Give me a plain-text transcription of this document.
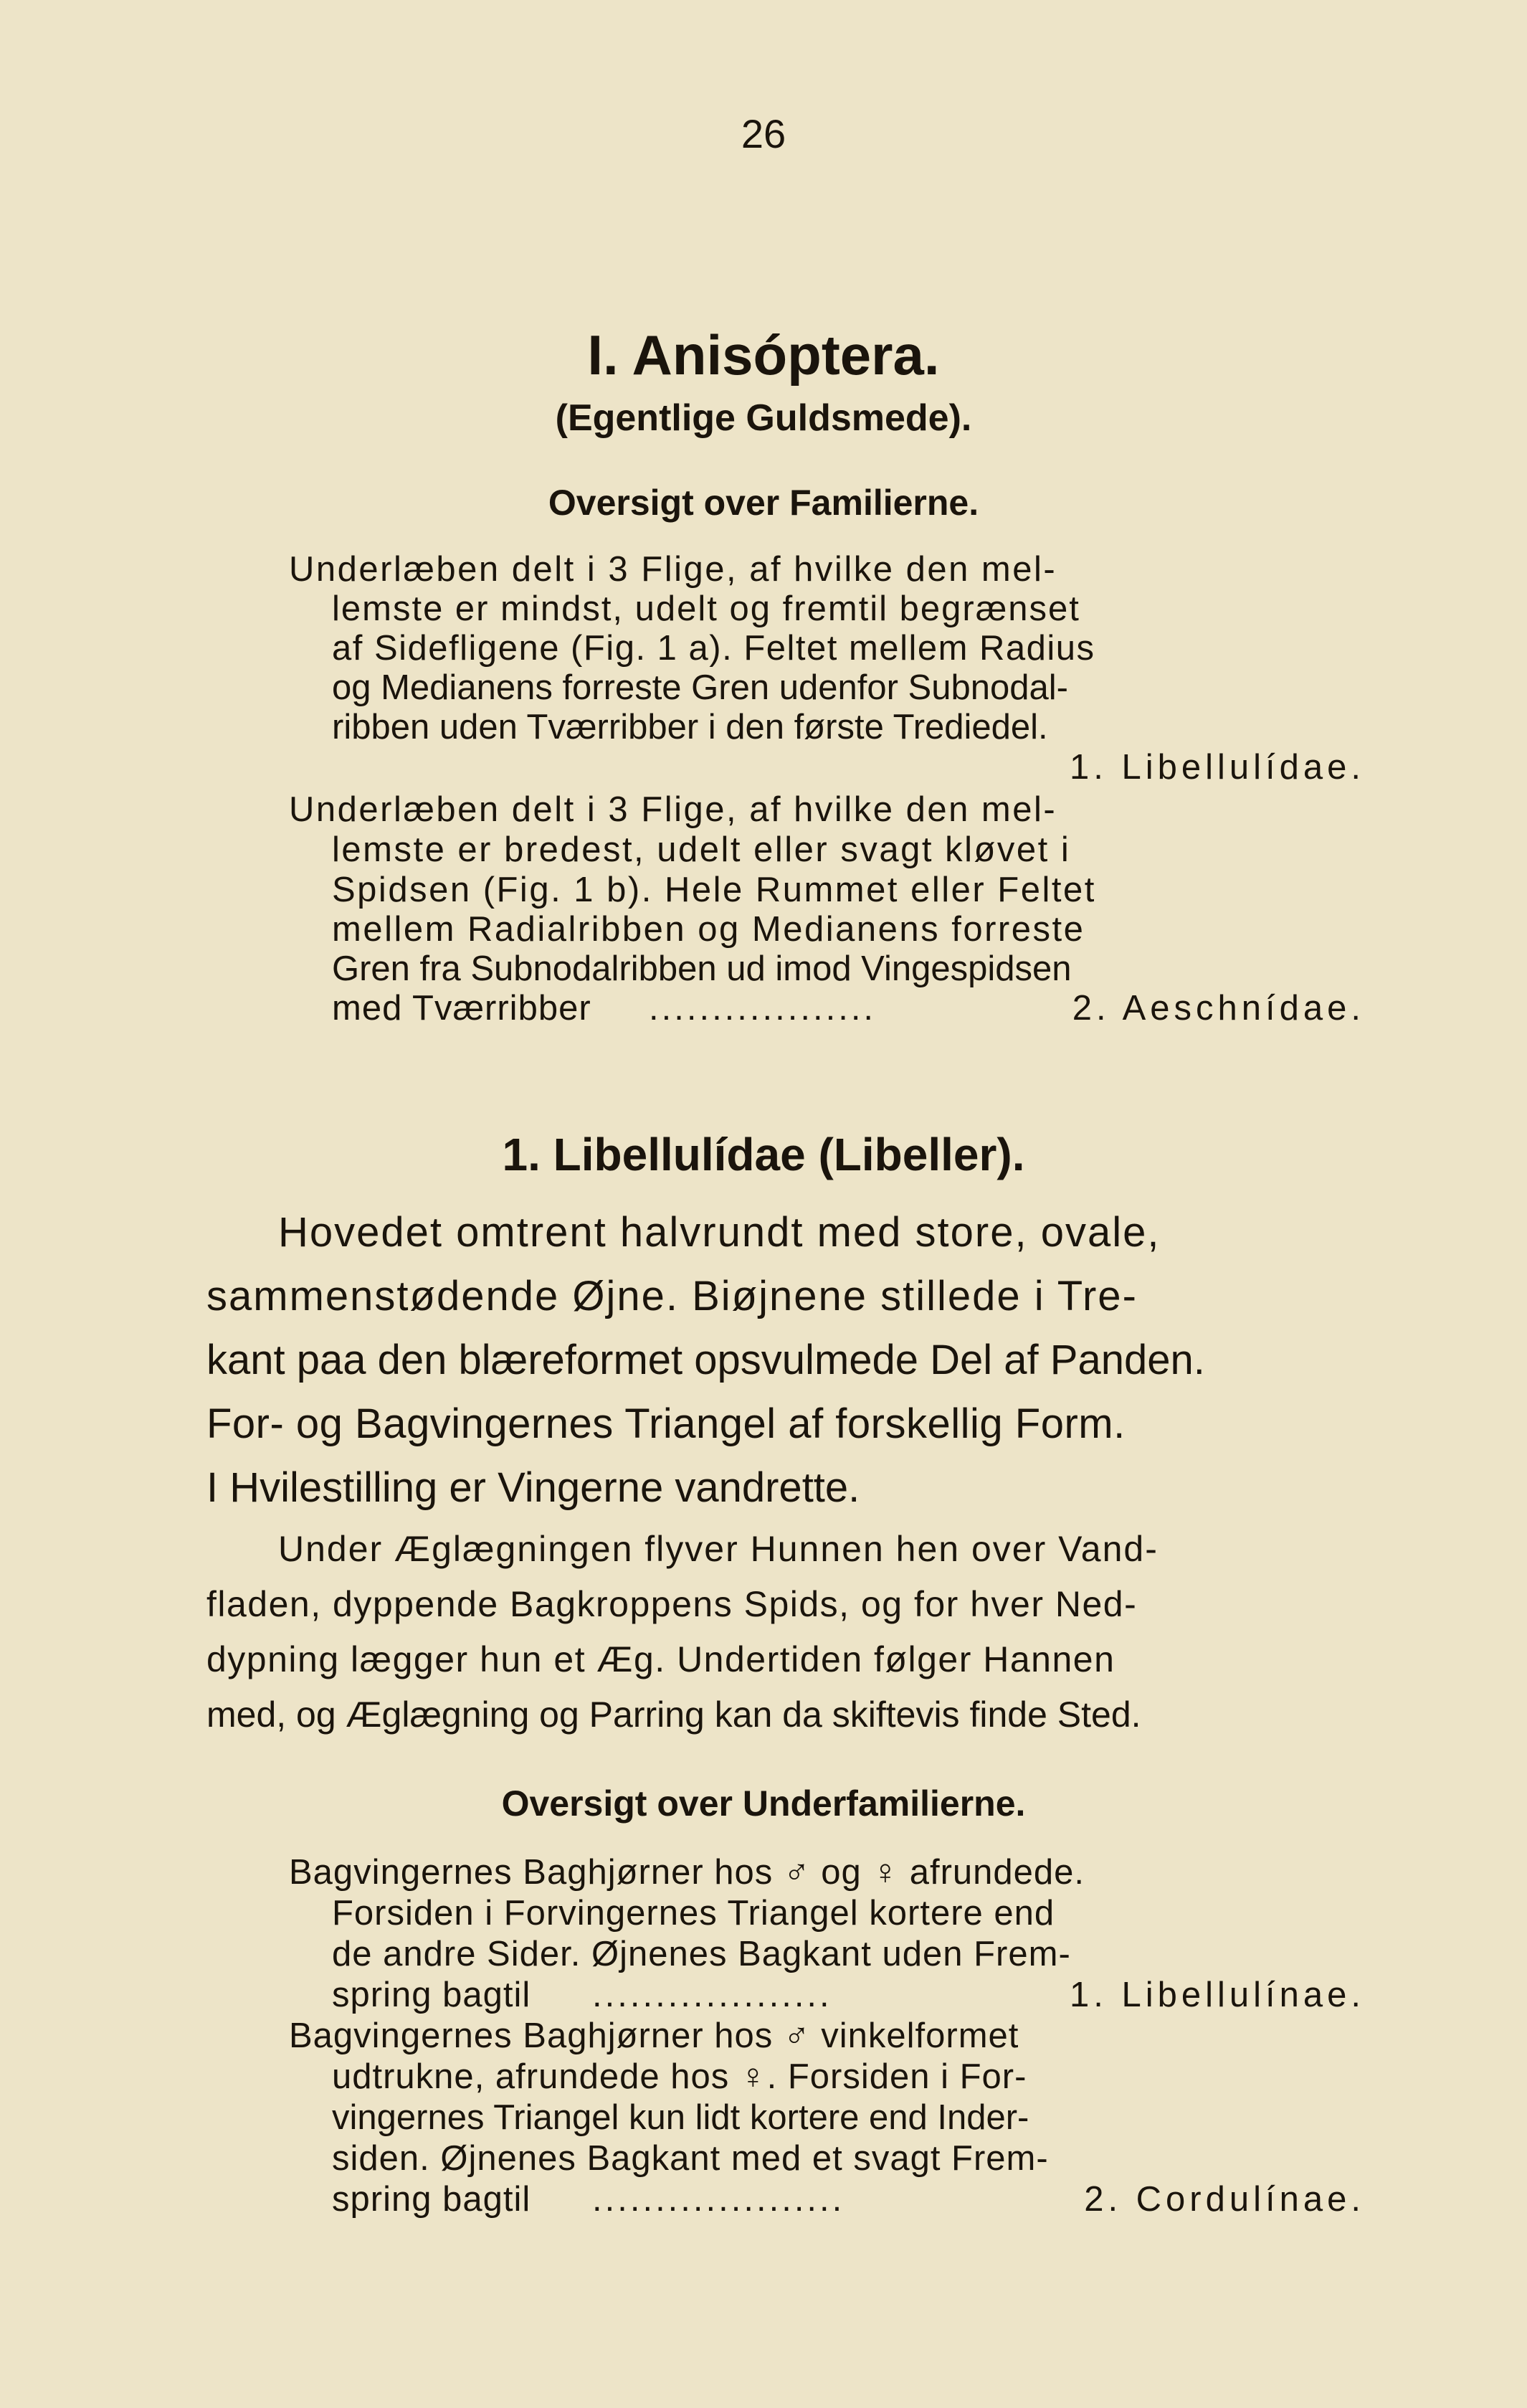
26
I. Anisóptera.
(Egentlige Guldsmede).
Oversigt over Familierne.
Underlæben delt i 3 Flige, af hvilke den mel-
lemste er mindst, udelt og fremtil begrænset
af Sidefligene (Fig. 1 a). Feltet mellem Radius
og Medianens forreste Gren udenfor Subnodal-
ribben uden Tværribber i den første Trediedel.
1. Libellulídae.
Underlæben delt i 3 Flige, af hvilke den mel-
lemste er bredest, udelt eller svagt kløvet i
Spidsen (Fig. 1 b). Hele Rummet eller Feltet
mellem Radialribben og Medianens forreste
Gren fra Subnodalribben ud imod Vingespidsen
med Tværribber ..................	2. Aeschnídae.
1. Libellulídae (Libeller).
Hovedet omtrent halvrundt med store, ovale,
sammenstødende Øjne. Biøjnene stillede i Tre-
kant paa den blæreformet opsvulmede Del af Panden.
For- og Bagvingernes Triangel af forskellig Form.
I Hvilestilling er Vingerne vandrette.
Under Æglægningen flyver Hunnen hen over Vand-
fladen, dyppende Bagkroppens Spids, og for hver Ned-
dypning lægger hun et Æg. Undertiden følger Hannen
med, og Æglægning og Parring kan da skiftevis finde Sted.
Oversigt over Underfamilierne.
Bagvingernes Baghjørner hos ♂ og ♀ afrundede.
Forsiden i Forvingernes Triangel kortere end
de andre Sider. Øjnenes Bagkant uden Frem-
spring bagtil ...................	1. Libellulínae.
Bagvingernes Baghjørner hos ♂ vinkelformet
udtrukne, afrundede hos ♀. Forsiden i For-
vingernes Triangel kun lidt kortere end Inder-
siden. Øjnenes Bagkant med et svagt Frem-
spring bagtil ....................	2. Cordulínae.
